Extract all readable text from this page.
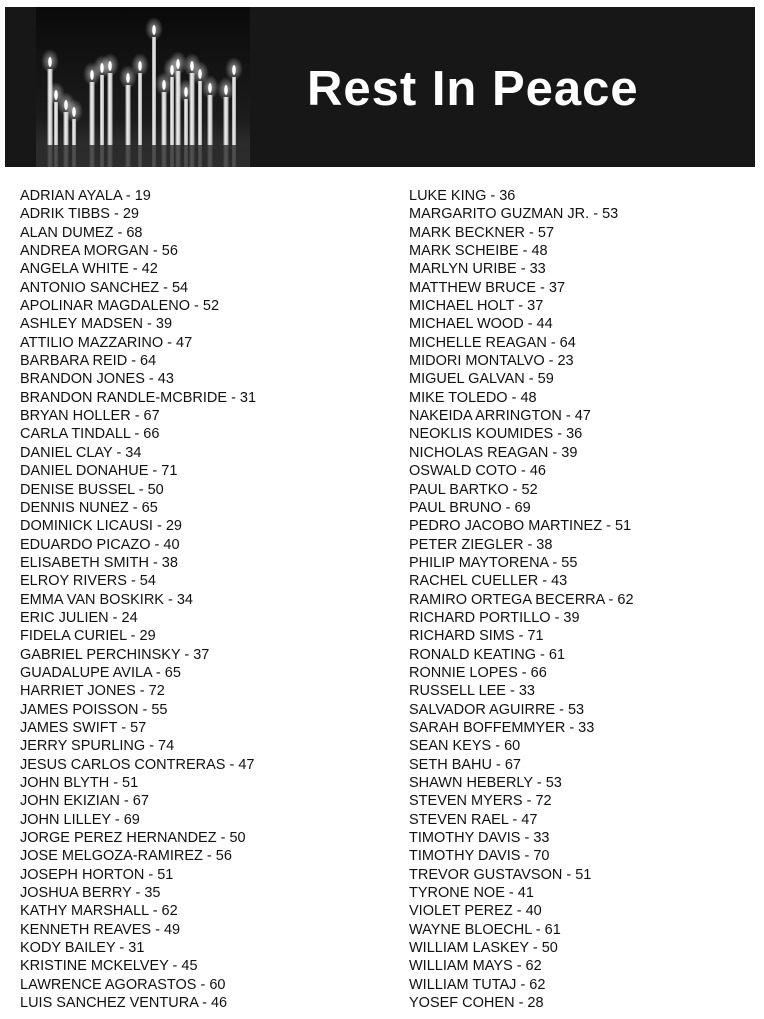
Rest In Peace
ADRIAN AYALA - 19
ADRIK TIBBS - 29
ALAN DUMEZ - 68
ANDREA MORGAN - 56
ANGELA WHITE - 42
ANTONIO SANCHEZ - 54
APOLINAR MAGDALENO - 52
ASHLEY MADSEN - 39
ATTILIO MAZZARINO - 47
BARBARA REID - 64
BRANDON JONES - 43
BRANDON RANDLE-MCBRIDE - 31
BRYAN HOLLER - 67
CARLA TINDALL - 66
DANIEL CLAY - 34
DANIEL DONAHUE - 71
DENISE BUSSEL - 50
DENNIS NUNEZ - 65
DOMINICK LICAUSI - 29
EDUARDO PICAZO - 40
ELISABETH SMITH - 38
ELROY RIVERS - 54
EMMA VAN BOSKIRK - 34
ERIC JULIEN - 24
FIDELA CURIEL - 29
GABRIEL PERCHINSKY - 37
GUADALUPE AVILA - 65
HARRIET JONES - 72
JAMES POISSON - 55
JAMES SWIFT - 57
JERRY SPURLING - 74
JESUS CARLOS CONTRERAS - 47
JOHN BLYTH - 51
JOHN EKIZIAN - 67
JOHN LILLEY - 69
JORGE PEREZ HERNANDEZ - 50
JOSE MELGOZA-RAMIREZ - 56
JOSEPH HORTON - 51
JOSHUA BERRY - 35
KATHY MARSHALL - 62
KENNETH REAVES - 49
KODY BAILEY - 31
KRISTINE MCKELVEY - 45
LAWRENCE AGORASTOS - 60
LUIS SANCHEZ VENTURA - 46
LUKE KING - 36
MARGARITO GUZMAN JR. - 53
MARK BECKNER - 57
MARK SCHEIBE - 48
MARLYN URIBE - 33
MATTHEW BRUCE - 37
MICHAEL HOLT - 37
MICHAEL WOOD - 44
MICHELLE REAGAN - 64
MIDORI MONTALVO - 23
MIGUEL GALVAN - 59
MIKE TOLEDO - 48
NAKEIDA ARRINGTON - 47
NEOKLIS KOUMIDES - 36
NICHOLAS REAGAN - 39
OSWALD COTO - 46
PAUL BARTKO - 52
PAUL BRUNO - 69
PEDRO JACOBO MARTINEZ - 51
PETER ZIEGLER - 38
PHILIP MAYTORENA - 55
RACHEL CUELLER - 43
RAMIRO ORTEGA BECERRA - 62
RICHARD PORTILLO - 39
RICHARD SIMS - 71
RONALD KEATING - 61
RONNIE LOPES - 66
RUSSELL LEE - 33
SALVADOR AGUIRRE - 53
SARAH BOFFEMMYER - 33
SEAN KEYS - 60
SETH BAHU - 67
SHAWN HEBERLY - 53
STEVEN MYERS - 72
STEVEN RAEL - 47
TIMOTHY DAVIS - 33
TIMOTHY DAVIS - 70
TREVOR GUSTAVSON - 51
TYRONE NOE - 41
VIOLET PEREZ - 40
WAYNE BLOECHL - 61
WILLIAM LASKEY - 50
WILLIAM MAYS - 62
WILLIAM TUTAJ - 62
YOSEF COHEN - 28
